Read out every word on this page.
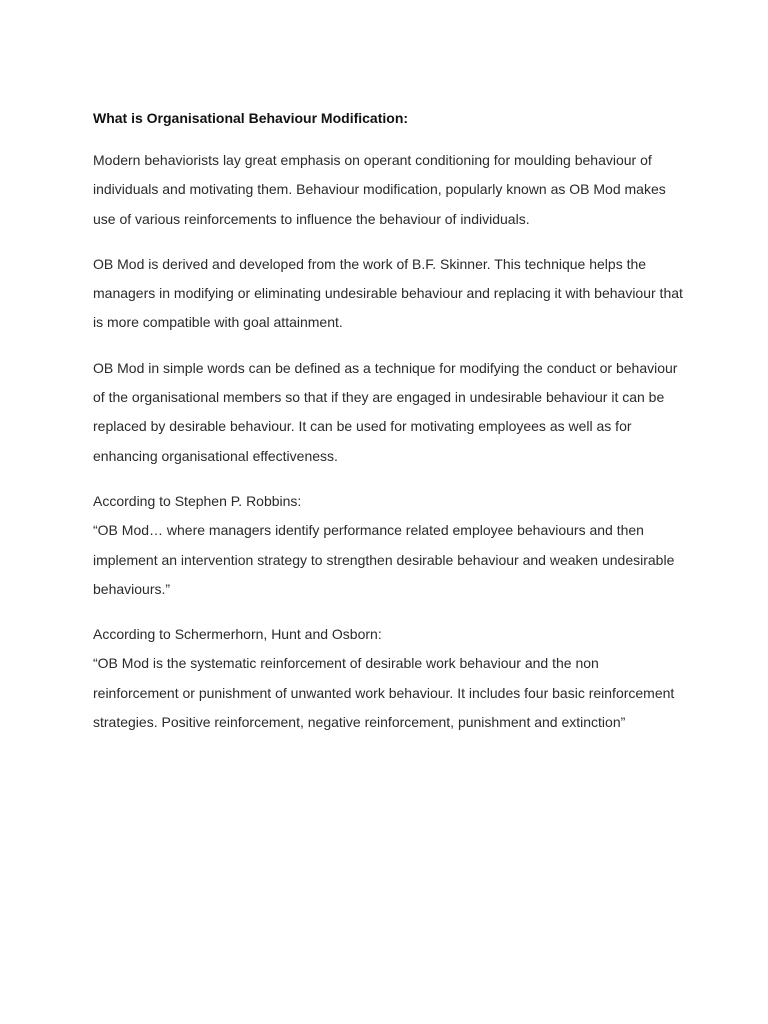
What is Organisational Behaviour Modification:

Modern behaviorists lay great emphasis on operant conditioning for moulding behaviour of individuals and motivating them. Behaviour modification, popularly known as OB Mod makes use of various reinforcements to influence the behaviour of individuals.

OB Mod is derived and developed from the work of B.F. Skinner. This technique helps the managers in modifying or eliminating undesirable behaviour and replacing it with behaviour that is more compatible with goal attainment.

OB Mod in simple words can be defined as a technique for modifying the conduct or behaviour of the organisational members so that if they are engaged in undesirable behaviour it can be replaced by desirable behaviour. It can be used for motivating employees as well as for enhancing organisational effectiveness.

According to Stephen P. Robbins:

“OB Mod… where managers identify performance related employee behaviours and then implement an intervention strategy to strengthen desirable behaviour and weaken undesirable behaviours.”

According to Schermerhorn, Hunt and Osborn:

“OB Mod is the systematic reinforcement of desirable work behaviour and the non reinforcement or punishment of unwanted work behaviour. It includes four basic reinforcement strategies. Positive reinforcement, negative reinforcement, punishment and extinction”
